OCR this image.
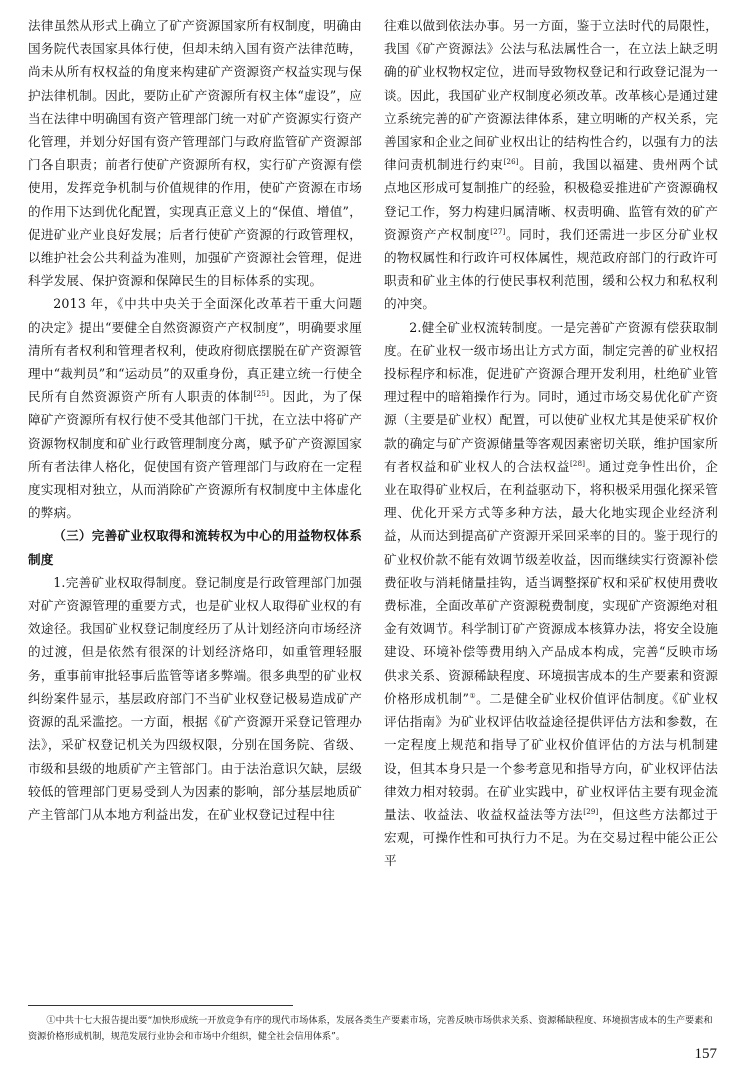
法律虽然从形式上确立了矿产资源国家所有权制度，明确由国务院代表国家具体行使，但却未纳入国有资产法律范畴，尚未从所有权权益的角度来构建矿产资源资产权益实现与保护法律机制。因此，要防止矿产资源所有权主体“虚设”，应当在法律中明确国有资产管理部门统一对矿产资源实行资产化管理，并划分好国有资产管理部门与政府监管矿产资源部门各自职责；前者行使矿产资源所有权，实行矿产资源有偿使用，发挥竞争机制与价值规律的作用，使矿产资源在市场的作用下达到优化配置，实现真正意义上的“保值、增值”，促进矿业产业良好发展；后者行使矿产资源的行政管理权，以维护社会公共利益为准则，加强矿产资源社会管理，促进科学发展、保护资源和保障民生的目标体系的实现。

2013 年，《中共中央关于全面深化改革若干重大问题的决定》提出“要健全自然资源资产产权制度”，明确要求厘清所有者权利和管理者权利，使政府彻底摆脱在矿产资源管理中“裁判员”和“运动员”的双重身份，真正建立统一行使全民所有自然资源资产所有人职责的体制[25]。因此，为了保障矿产资源所有权行使不受其他部门干扰，在立法中将矿产资源物权制度和矿业行政管理制度分离，赋予矿产资源国家所有者法律人格化，促使国有资产管理部门与政府在一定程度实现相对独立，从而消除矿产资源所有权制度中主体虚化的弊病。

（三）完善矿业权取得和流转权为中心的用益物权体系制度

1.完善矿业权取得制度。登记制度是行政管理部门加强对矿产资源管理的重要方式，也是矿业权人取得矿业权的有效途径。我国矿业权登记制度经历了从计划经济向市场经济的过渡，但是依然有很深的计划经济烙印，如重管理轻服务，重事前审批轻事后监管等诸多弊端。很多典型的矿业权纠纷案件显示，基层政府部门不当矿业权登记极易造成矿产资源的乱采滥挖。一方面，根据《矿产资源开采登记管理办法》，采矿权登记机关为四级权限，分别在国务院、省级、市级和县级的地质矿产主管部门。由于法治意识欠缺，层级较低的管理部门更易受到人为因素的影响，部分基层地质矿产主管部门从本地方利益出发，在矿业权登记过程中往

往难以做到依法办事。另一方面，鉴于立法时代的局限性，我国《矿产资源法》公法与私法属性合一，在立法上缺乏明确的矿业权物权定位，进而导致物权登记和行政登记混为一谈。因此，我国矿业产权制度必须改革。改革核心是通过建立系统完善的矿产资源法律体系，建立明晰的产权关系，完善国家和企业之间矿业权出让的结构性合约，以强有力的法律问责机制进行约束[26]。目前，我国以福建、贵州两个试点地区形成可复制推广的经验，积极稳妥推进矿产资源确权登记工作，努力构建归属清晰、权责明确、监管有效的矿产资源资产产权制度[27]。同时，我们还需进一步区分矿业权的物权属性和行政许可权体属性，规范政府部门的行政许可职责和矿业主体的行使民事权利范围，缓和公权力和私权利的冲突。

2.健全矿业权流转制度。一是完善矿产资源有偿获取制度。在矿业权一级市场出让方式方面，制定完善的矿业权招投标程序和标准，促进矿产资源合理开发利用，杜绝矿业管理过程中的暗箱操作行为。同时，通过市场交易优化矿产资源（主要是矿业权）配置，可以使矿业权尤其是使采矿权价款的确定与矿产资源储量等客观因素密切关联，维护国家所有者权益和矿业权人的合法权益[28]。通过竞争性出价，企业在取得矿业权后，在利益驱动下，将积极采用强化探采管理、优化开采方式等多种方法，最大化地实现企业经济利益，从而达到提高矿产资源开采回采率的目的。鉴于现行的矿业权价款不能有效调节级差收益，因而继续实行资源补偿费征收与消耗储量挂钩，适当调整探矿权和采矿权使用费收费标准，全面改革矿产资源税费制度，实现矿产资源绝对租金有效调节。科学制订矿产资源成本核算办法，将安全设施建设、环境补偿等费用纳入产品成本构成，完善“反映市场供求关系、资源稀缺程度、环境损害成本的生产要素和资源价格形成机制”①。二是健全矿业权价值评估制度。《矿业权评估指南》为矿业权评估收益途径提供评估方法和参数，在一定程度上规范和指导了矿业权价值评估的方法与机制建设，但其本身只是一个参考意见和指导方向，矿业权评估法律效力相对较弱。在矿业实践中，矿业权评估主要有现金流量法、收益法、收益权益法等方法[29]，但这些方法都过于宏观，可操作性和可执行力不足。为在交易过程中能公正公平

①中共十七大报告提出要“加快形成统一开放竞争有序的现代市场体系，发展各类生产要素市场，完善反映市场供求关系、资源稀缺程度、环境损害成本的生产要素和资源价格形成机制，规范发展行业协会和市场中介组织，健全社会信用体系”。
157
